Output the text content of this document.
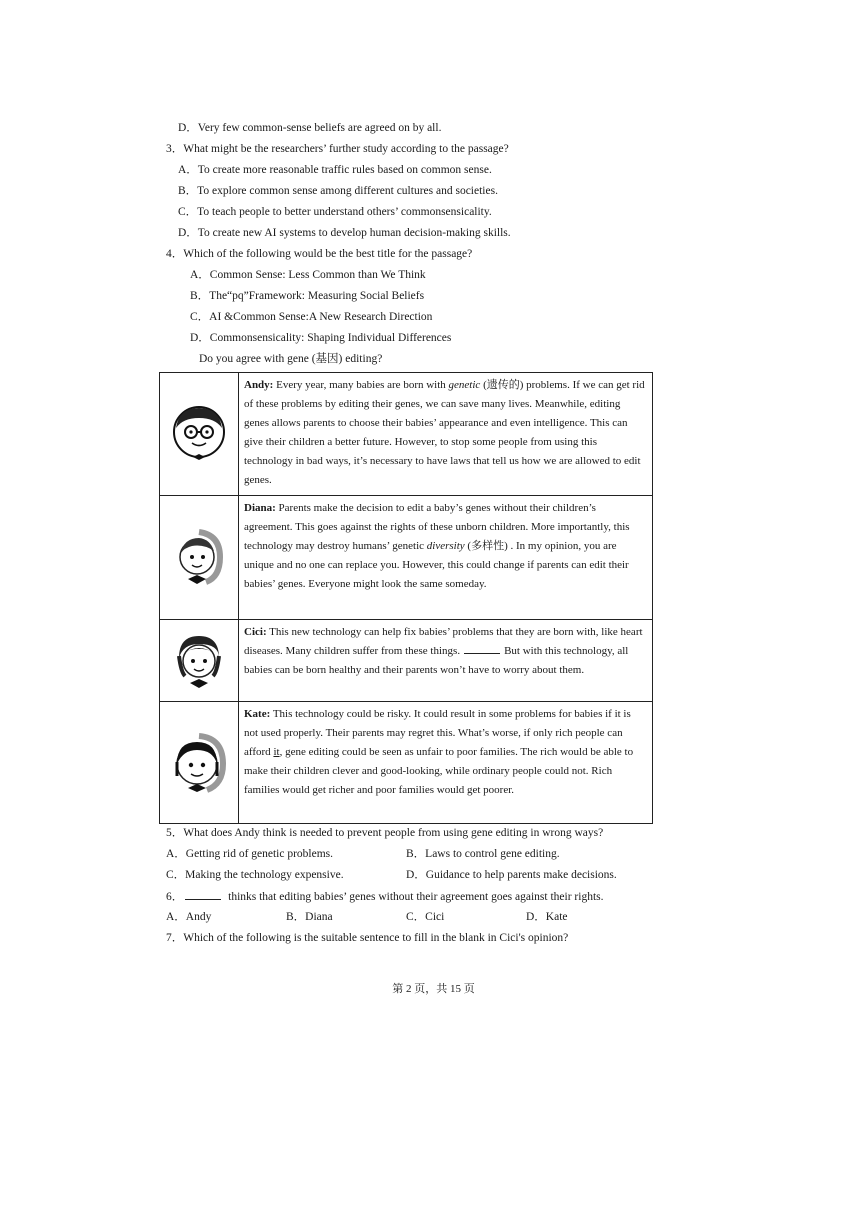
D．Very few common-sense beliefs are agreed on by all.
3．What might be the researchers’ further study according to the passage?
A．To create more reasonable traffic rules based on common sense.
B．To explore common sense among different cultures and societies.
C．To teach people to better understand others’ commonsensicality.
D．To create new AI systems to develop human decision-making skills.
4．Which of the following would be the best title for the passage?
A．Common Sense: Less Common than We Think
B．The“pq”Framework: Measuring Social Beliefs
C．AI &Common Sense:A New Research Direction
D．Commonsensicality: Shaping Individual Differences
Do you agree with gene (基因) editing?
	Andy: Every year, many babies are born with genetic (遗传的) problems. If we can get rid of these problems by editing their genes, we can save many lives. Meanwhile, editing genes allows parents to choose their babies’ appearance and even intelligence. This can give their children a better future. However, to stop some people from using this technology in bad ways, it’s necessary to have laws that tell us how we are allowed to edit genes.

	Diana: Parents make the decision to edit a baby’s genes without their children’s agreement. This goes against the rights of these unborn children. More importantly, this technology may destroy humans’ genetic diversity (多样性) . In my opinion, you are unique and no one can replace you. However, this could change if parents can edit their babies’ genes. Everyone might look the same someday.

	Cici: This new technology can help fix babies’ problems that they are born with, like heart diseases. Many children suffer from these things. But with this technology, all babies can be born healthy and their parents won’t have to worry about them.

	Kate: This technology could be risky. It could result in some problems for babies if it is not used properly. Their parents may regret this. What’s worse, if only rich people can afford it, gene editing could be seen as unfair to poor families. The rich would be able to make their children clever and good-looking, while ordinary people could not. Rich families would get richer and poor families would get poorer.
5．What does Andy think is needed to prevent people from using gene editing in wrong ways?
A．Getting rid of genetic problems.	B．Laws to control gene editing.
C．Making the technology expensive.	D．Guidance to help parents make decisions.
6．	thinks that editing babies’ genes without their agreement goes against their rights.
A．Andy	B．Diana	C．Cici	D．Kate
7．Which of the following is the suitable sentence to fill in the blank in Cici's opinion?
第 2 页，共 15 页
